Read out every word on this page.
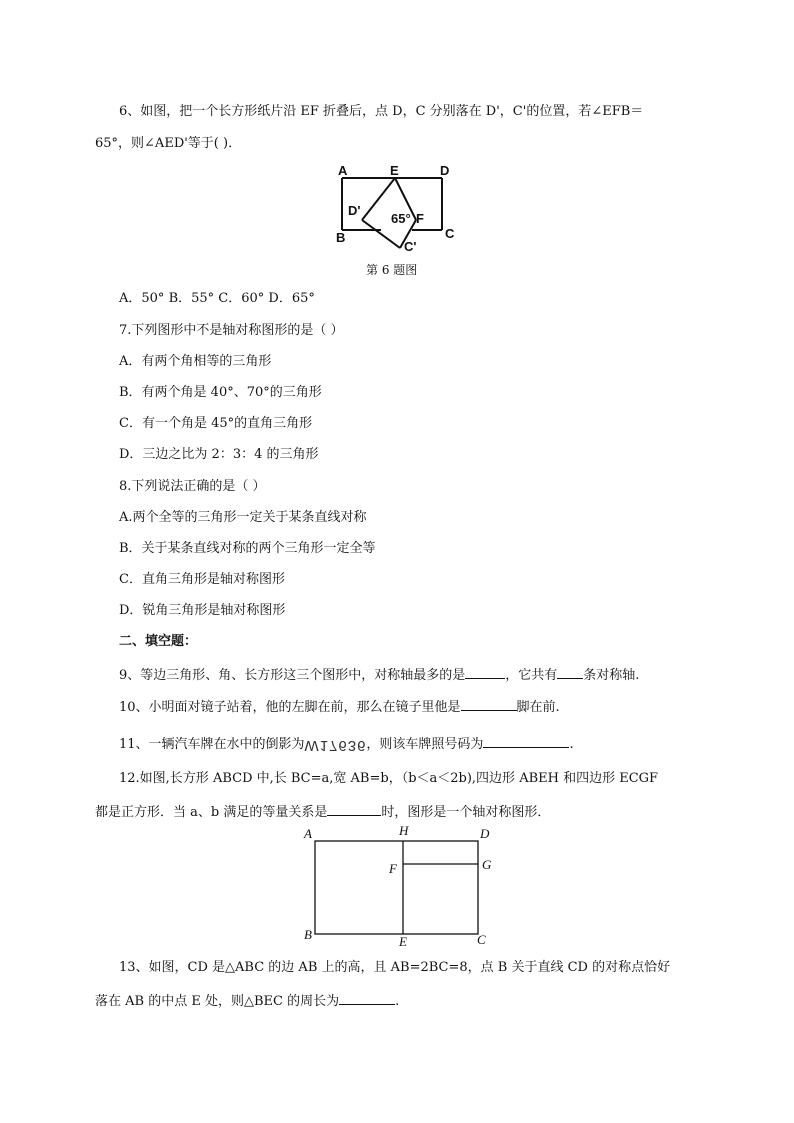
6、如图，把一个长方形纸片沿 EF 折叠后，点 D，C 分别落在 D'，C'的位置，若∠EFB＝
65°，则∠AED'等于( )．
A	E	D
D'
65° F
B
C'
C
第 6 题图
A．50° B．55° C．60° D．65°
7.下列图形中不是轴对称图形的是（ ）
A．有两个角相等的三角形
B．有两个角是 40°、70°的三角形
C．有一个角是 45°的直角三角形
D．三边之比为 2：3：4 的三角形
8.下列说法正确的是（ ）
A.两个全等的三角形一定关于某条直线对称
B．关于某条直线对称的两个三角形一定全等
C．直角三角形是轴对称图形
D．锐角三角形是轴对称图形
二、填空题：
9、等边三角形、角、长方形这三个图形中，对称轴最多的是	，它共有 条对称轴.
10、小明面对镜子站着，他的左脚在前，那么在镜子里他是	脚在前.
11、一辆汽车牌在水中的倒影为W17636，则该车牌照号码为	.
12.如图,长方形 ABCD 中,长 BC=a,宽 AB=b，（b＜a＜2b),四边形 ABEH 和四边形 ECGF
都是正方形．当 a、b 满足的等量关系是	时，图形是一个轴对称图形．
A	H	D
F	G
B	E	C
13、如图，CD 是△ABC 的边 AB 上的高，且 AB=2BC=8，点 B 关于直线 CD 的对称点恰好
落在 AB 的中点 E 处，则△BEC 的周长为	.
